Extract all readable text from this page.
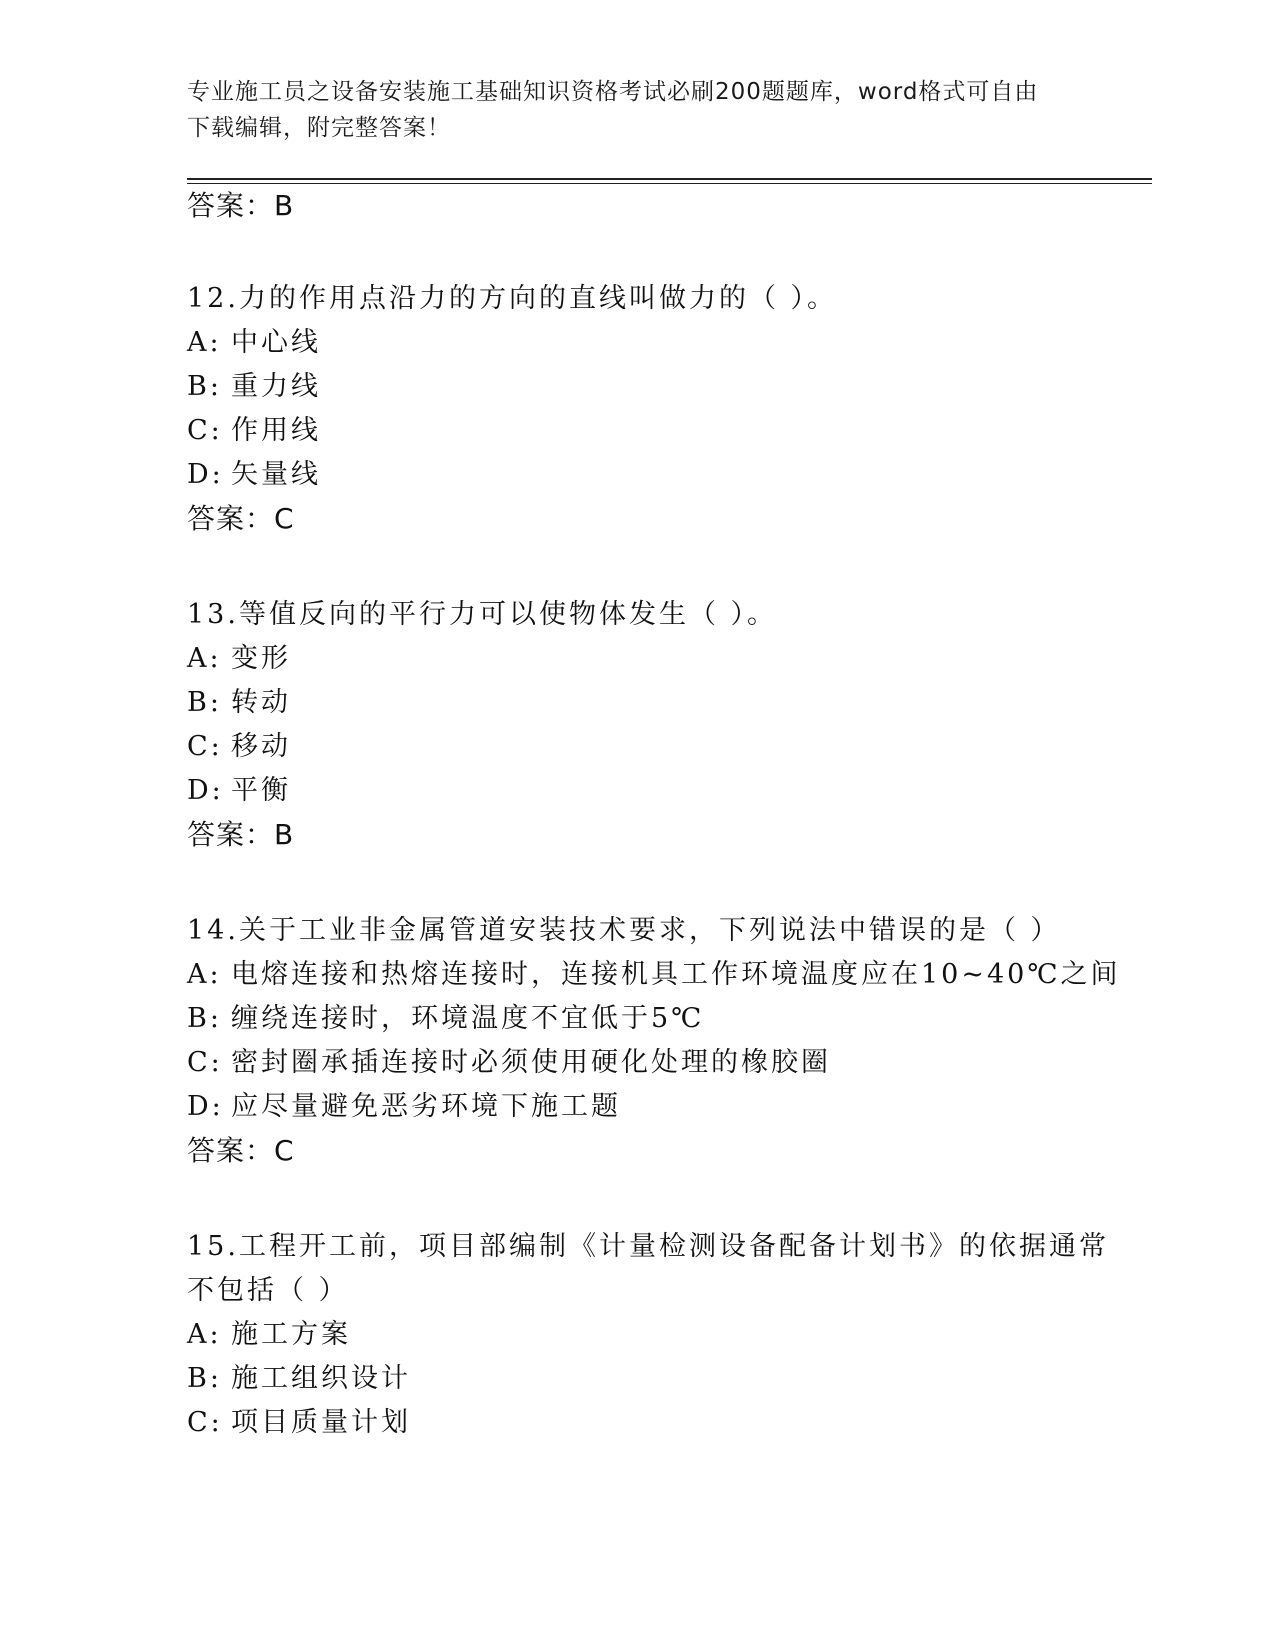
专业施工员之设备安装施工基础知识资格考试必刷200题题库，word格式可自由
下载编辑，附完整答案！
答案：B
12.力的作用点沿力的方向的直线叫做力的（ ）。
A: 中心线
B: 重力线
C: 作用线
D: 矢量线
答案：C
13.等值反向的平行力可以使物体发生（ ）。
A: 变形
B: 转动
C: 移动
D: 平衡
答案：B
14.关于工业非金属管道安装技术要求，下列说法中错误的是（ ）
A: 电熔连接和热熔连接时，连接机具工作环境温度应在10~40℃之间
B: 缠绕连接时，环境温度不宜低于5℃
C: 密封圈承插连接时必须使用硬化处理的橡胶圈
D: 应尽量避免恶劣环境下施工题
答案：C
15.工程开工前，项目部编制《计量检测设备配备计划书》的依据通常
不包括（ ）
A: 施工方案
B: 施工组织设计
C: 项目质量计划
